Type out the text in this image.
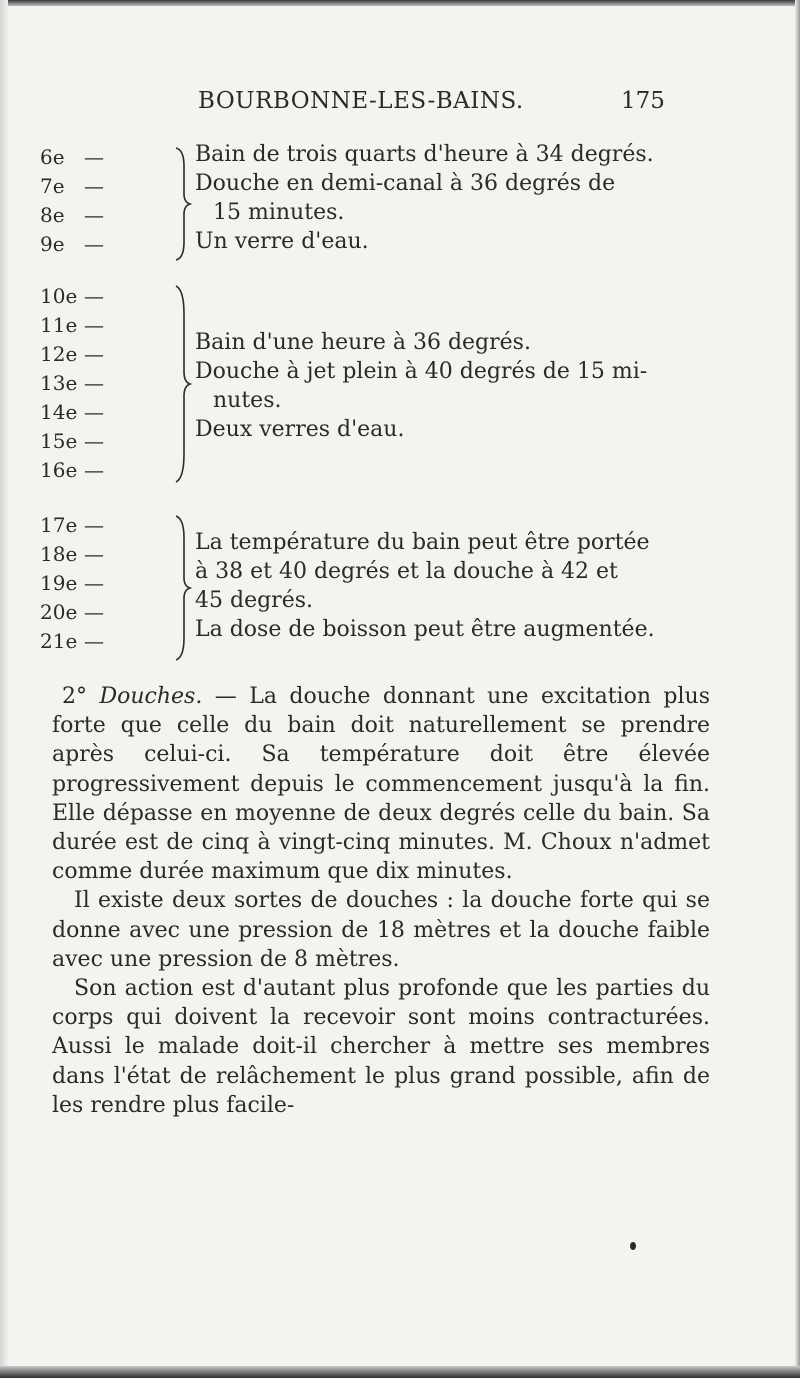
BOURBONNE-LES-BAINS.	175
6e —
7e —
8e —
9e —
Bain de trois quarts d'heure à 34 degrés.
Douche en demi-canal à 36 degrés de
15 minutes.
Un verre d'eau.
10e —
11e —
12e —
13e —
14e —
15e —
16e —
Bain d'une heure à 36 degrés.
Douche à jet plein à 40 degrés de 15 mi-
nutes.
Deux verres d'eau.
17e —
18e —
19e —
20e —
21e —
La température du bain peut être portée
à 38 et 40 degrés et la douche à 42 et
45 degrés.
La dose de boisson peut être augmentée.

2° Douches. — La douche donnant une excitation plus forte que celle du bain doit naturellement se prendre après celui-ci. Sa température doit être élevée progressivement depuis le commencement jusqu'à la fin. Elle dépasse en moyenne de deux degrés celle du bain. Sa durée est de cinq à vingt-cinq minutes. M. Choux n'admet comme durée maximum que dix minutes.

Il existe deux sortes de douches : la douche forte qui se donne avec une pression de 18 mètres et la douche faible avec une pression de 8 mètres.

Son action est d'autant plus profonde que les parties du corps qui doivent la recevoir sont moins contracturées. Aussi le malade doit-il chercher à mettre ses membres dans l'état de relâchement le plus grand possible, afin de les rendre plus facile-
